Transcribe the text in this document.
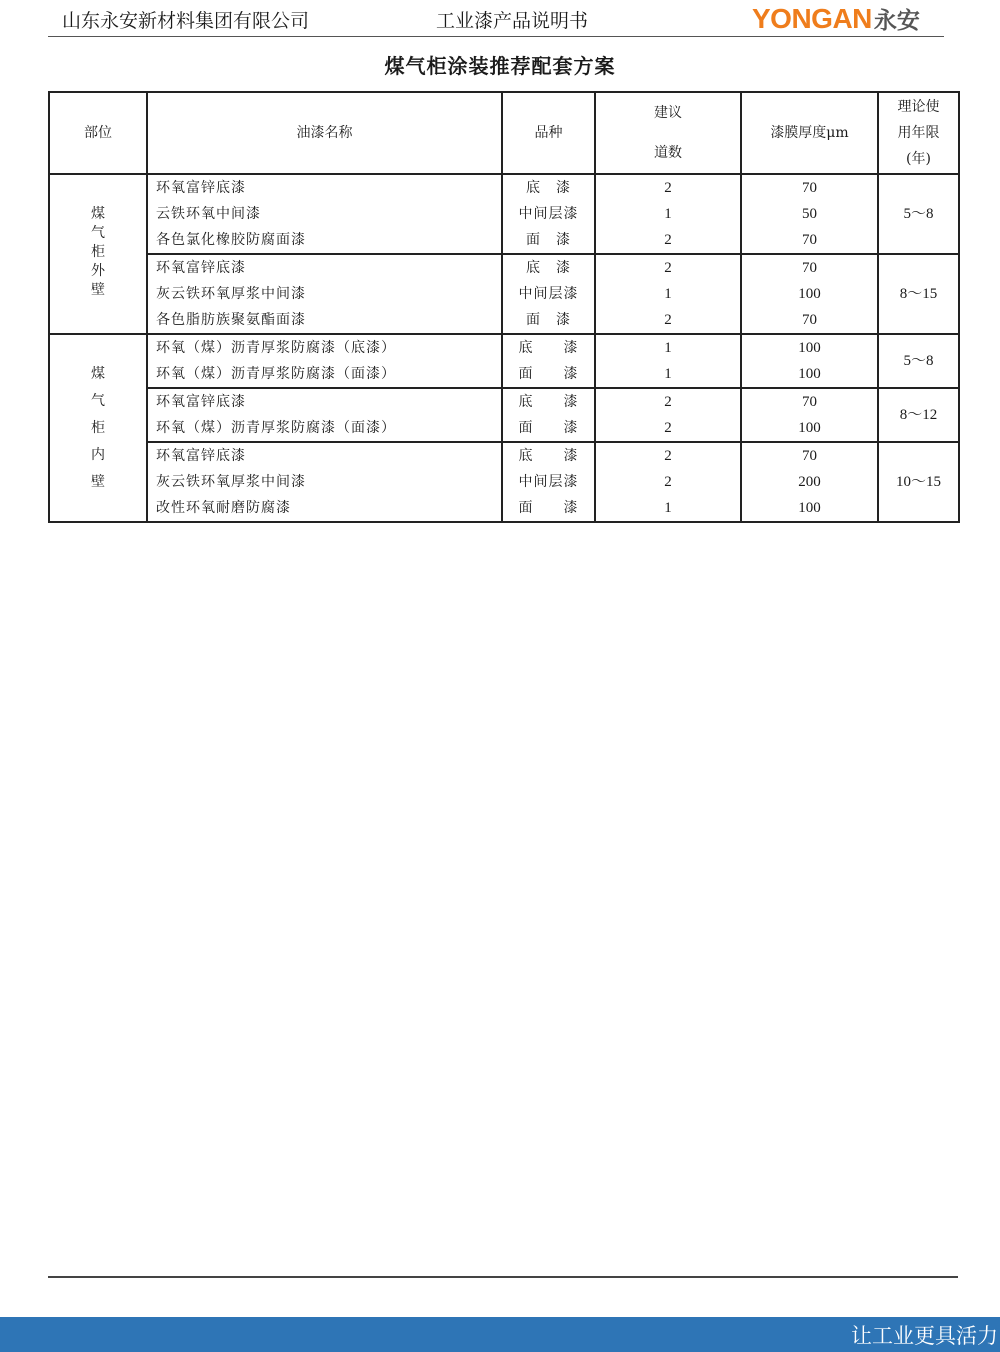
山东永安新材料集团有限公司	工业漆产品说明书	YONGAN 永安
煤气柜涂装推荐配套方案
部位	油漆名称	品种	建议道数	漆膜厚度μm	理论使用年限(年)
煤气柜外壁	环氧富锌底漆	底　漆	2	70	5～8
	云铁环氧中间漆	中间层漆	1	50	
	各色氯化橡胶防腐面漆	面　漆	2	70	
	环氧富锌底漆	底　漆	2	70	8～15
	灰云铁环氧厚浆中间漆	中间层漆	1	100	
	各色脂肪族聚氨酯面漆	面　漆	2	70	
煤气柜内壁	环氧（煤）沥青厚浆防腐漆（底漆）	底　　漆	1	100	5～8
	环氧（煤）沥青厚浆防腐漆（面漆）	面　　漆	1	100	
	环氧富锌底漆	底　　漆	2	70	8～12
	环氧（煤）沥青厚浆防腐漆（面漆）	面　　漆	2	100	
	环氧富锌底漆	底　　漆	2	70	10～15
	灰云铁环氧厚浆中间漆	中间层漆	2	200	
	改性环氧耐磨防腐漆	面　　漆	1	100	
让工业更具活力
